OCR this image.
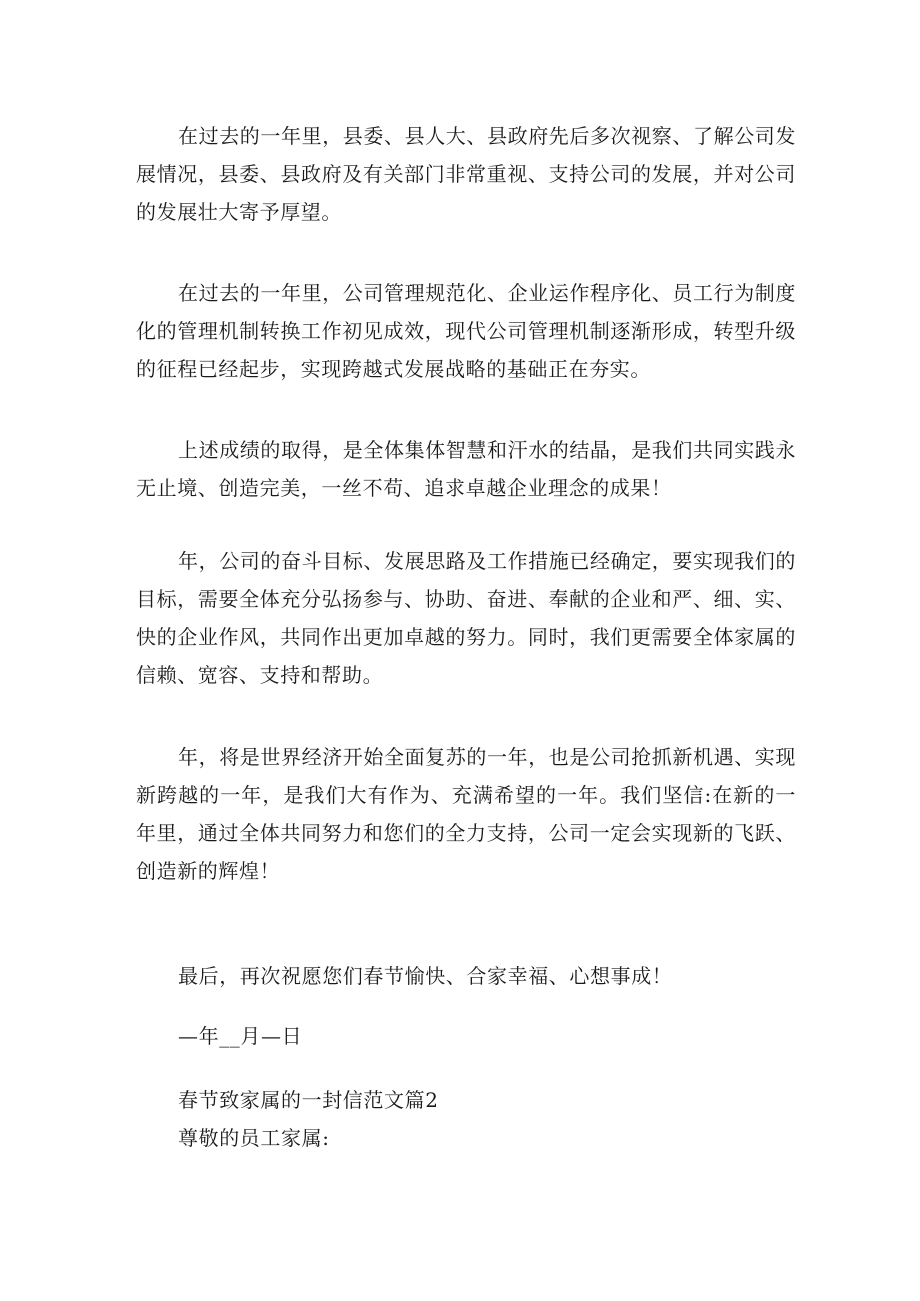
在过去的一年里，县委、县人大、县政府先后多次视察、了解公司发展情况，县委、县政府及有关部门非常重视、支持公司的发展，并对公司的发展壮大寄予厚望。

在过去的一年里，公司管理规范化、企业运作程序化、员工行为制度化的管理机制转换工作初见成效，现代公司管理机制逐渐形成，转型升级的征程已经起步，实现跨越式发展战略的基础正在夯实。

上述成绩的取得，是全体集体智慧和汗水的结晶，是我们共同实践永无止境、创造完美，一丝不苟、追求卓越企业理念的成果！

年，公司的奋斗目标、发展思路及工作措施已经确定，要实现我们的目标，需要全体充分弘扬参与、协助、奋进、奉献的企业和严、细、实、快的企业作风，共同作出更加卓越的努力。同时，我们更需要全体家属的信赖、宽容、支持和帮助。

年，将是世界经济开始全面复苏的一年，也是公司抢抓新机遇、实现新跨越的一年，是我们大有作为、充满希望的一年。我们坚信:在新的一年里，通过全体共同努力和您们的全力支持，公司一定会实现新的飞跃、创造新的辉煌！

最后，再次祝愿您们春节愉快、合家幸福、心想事成！

—年__月—日

春节致家属的一封信范文篇2

尊敬的员工家属:
